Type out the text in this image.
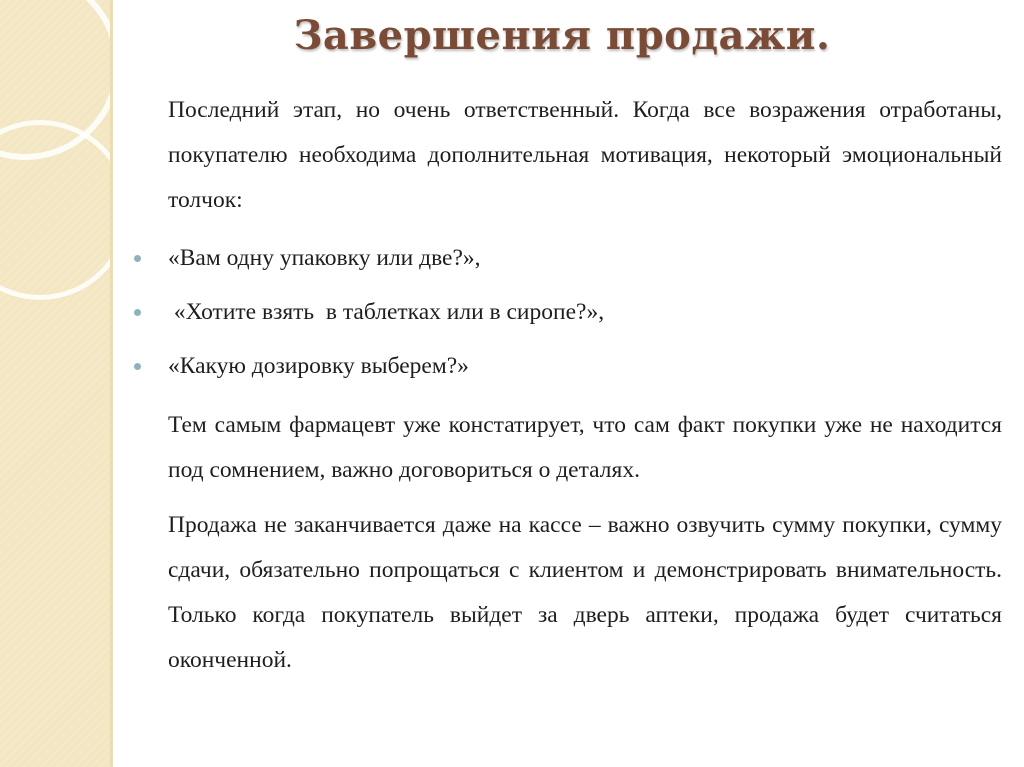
Завершения продажи.

Последний этап, но очень ответственный. Когда все возражения отработаны, покупателю необходима дополнительная мотивация, некоторый эмоциональный толчок:

«Вам одну упаковку или две?»,
«Хотите взять  в таблетках или в сиропе?»,
«Какую дозировку выберем?»

Тем самым фармацевт уже констатирует, что сам факт покупки уже не находится под сомнением, важно договориться о деталях.

Продажа не заканчивается даже на кассе – важно озвучить сумму покупки, сумму сдачи, обязательно попрощаться с клиентом и демонстрировать внимательность. Только когда покупатель выйдет за дверь аптеки, продажа будет считаться оконченной.
